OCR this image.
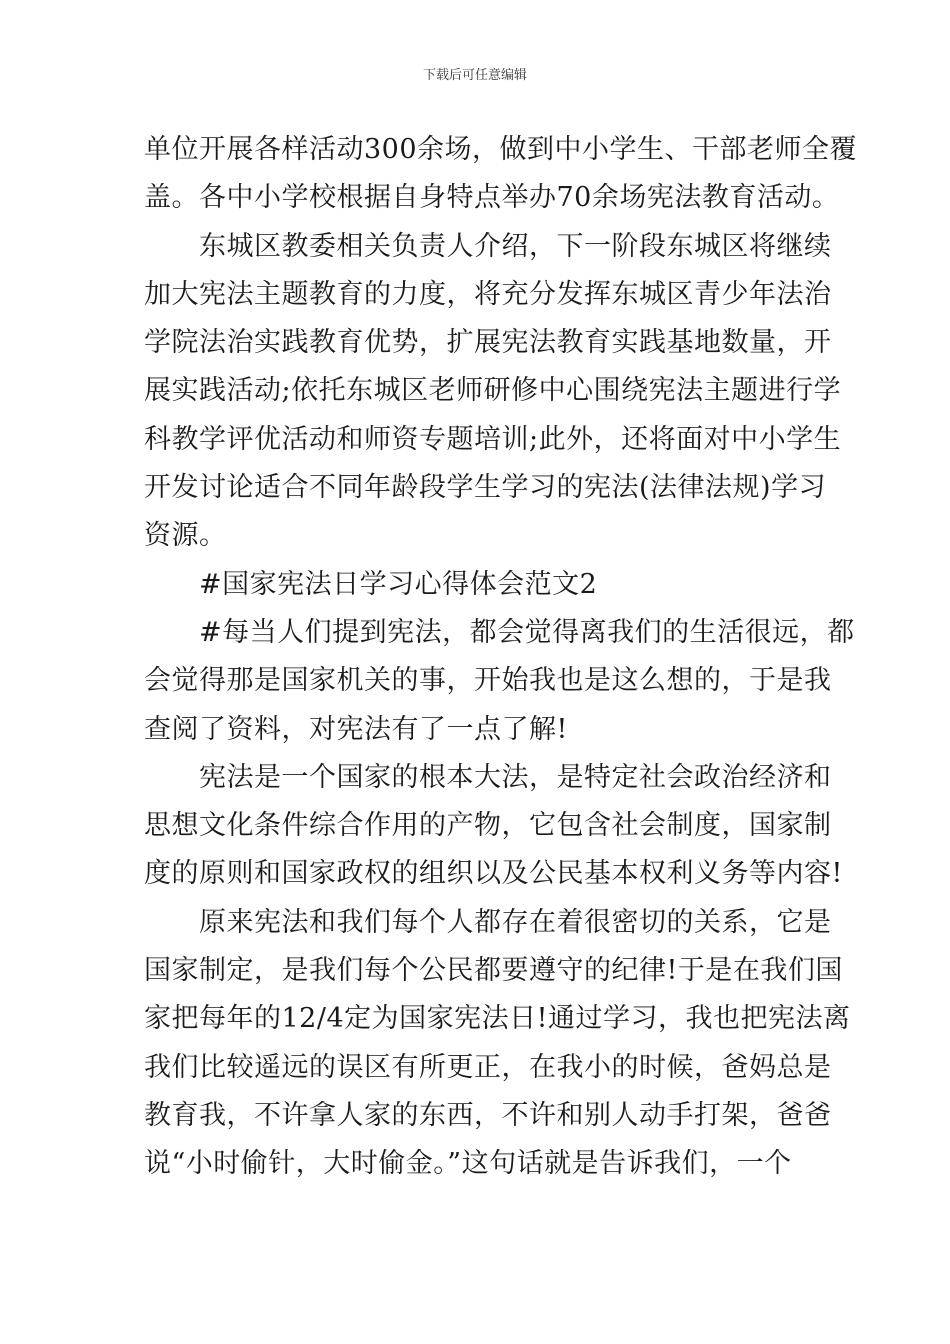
下载后可任意编辑
单位开展各样活动300余场，做到中小学生、干部老师全覆
盖。各中小学校根据自身特点举办70余场宪法教育活动。
　　东城区教委相关负责人介绍，下一阶段东城区将继续
加大宪法主题教育的力度，将充分发挥东城区青少年法治
学院法治实践教育优势，扩展宪法教育实践基地数量，开
展实践活动;依托东城区老师研修中心围绕宪法主题进行学
科教学评优活动和师资专题培训;此外，还将面对中小学生
开发讨论适合不同年龄段学生学习的宪法(法律法规)学习
资源。
　　#国家宪法日学习心得体会范文2
　　#每当人们提到宪法，都会觉得离我们的生活很远，都
会觉得那是国家机关的事，开始我也是这么想的，于是我
查阅了资料，对宪法有了一点了解!
　　宪法是一个国家的根本大法，是特定社会政治经济和
思想文化条件综合作用的产物，它包含社会制度，国家制
度的原则和国家政权的组织以及公民基本权利义务等内容!
　　原来宪法和我们每个人都存在着很密切的关系，它是
国家制定，是我们每个公民都要遵守的纪律!于是在我们国
家把每年的12/4定为国家宪法日!通过学习，我也把宪法离
我们比较遥远的误区有所更正，在我小的时候，爸妈总是
教育我，不许拿人家的东西，不许和别人动手打架，爸爸
说“小时偷针，大时偷金。”这句话就是告诉我们，一个
